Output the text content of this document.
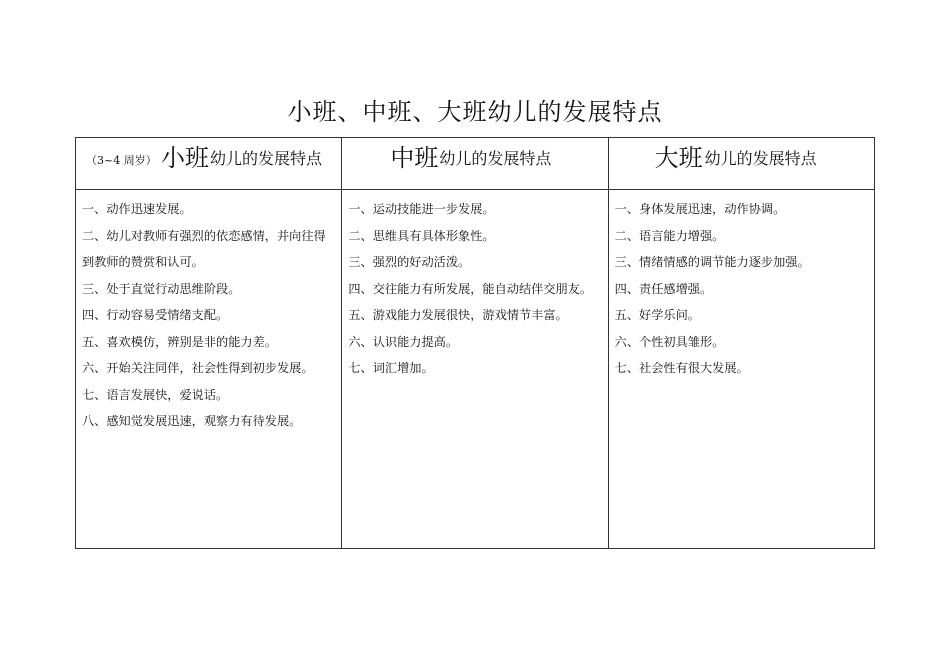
小班、中班、大班幼儿的发展特点
（3~4 周岁） 小班 幼儿的发展特点

一、动作迅速发展。

二、幼儿对教师有强烈的依恋感情，并向往得到教师的赞赏和认可。

三、处于直觉行动思维阶段。

四、行动容易受情绪支配。

五、喜欢模仿，辨别是非的能力差。

六、开始关注同伴，社会性得到初步发展。

七、语言发展快，爱说话。

八、感知觉发展迅速，观察力有待发展。

中班 幼儿的发展特点

一、运动技能进一步发展。

二、思维具有具体形象性。

三、强烈的好动活泼。

四、交往能力有所发展，能自动结伴交朋友。

五、游戏能力发展很快，游戏情节丰富。

六、认识能力提高。

七、词汇增加。

大班 幼儿的发展特点

一、身体发展迅速，动作协调。

二、语言能力增强。

三、情绪情感的调节能力逐步加强。

四、责任感增强。

五、好学乐问。

六、个性初具雏形。

七、社会性有很大发展。
